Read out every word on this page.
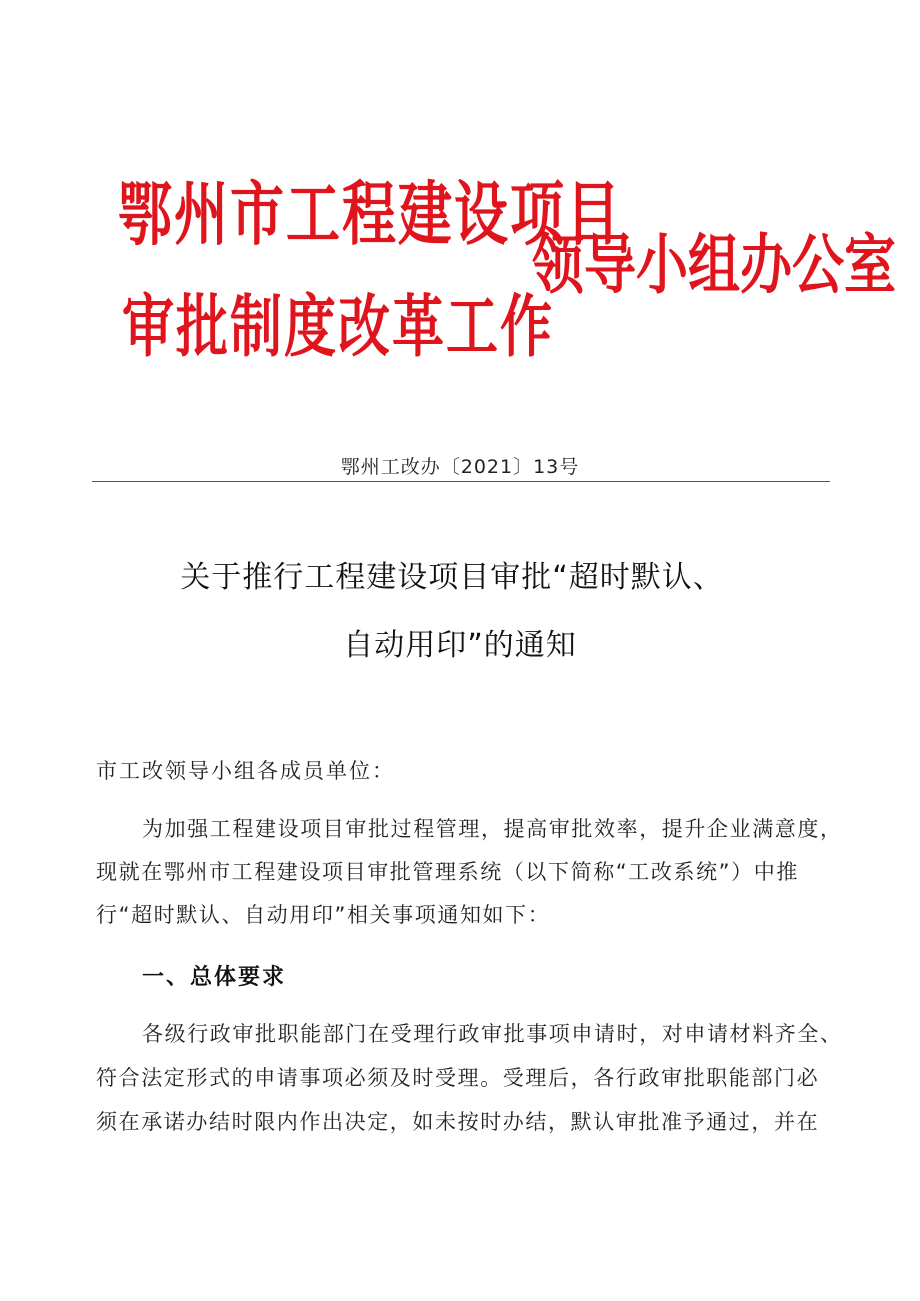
鄂州市工程建设项目
审批制度改革工作
领导小组办公室
鄂州工改办〔2021〕13号
关于推行工程建设项目审批“超时默认、
自动用印”的通知
市工改领导小组各成员单位：
为加强工程建设项目审批过程管理，提高审批效率，提升企业满意度，
现就在鄂州市工程建设项目审批管理系统（以下简称“工改系统”）中推
行“超时默认、自动用印”相关事项通知如下：
一、总体要求
各级行政审批职能部门在受理行政审批事项申请时，对申请材料齐全、
符合法定形式的申请事项必须及时受理。受理后，各行政审批职能部门必
须在承诺办结时限内作出决定，如未按时办结，默认审批准予通过，并在
